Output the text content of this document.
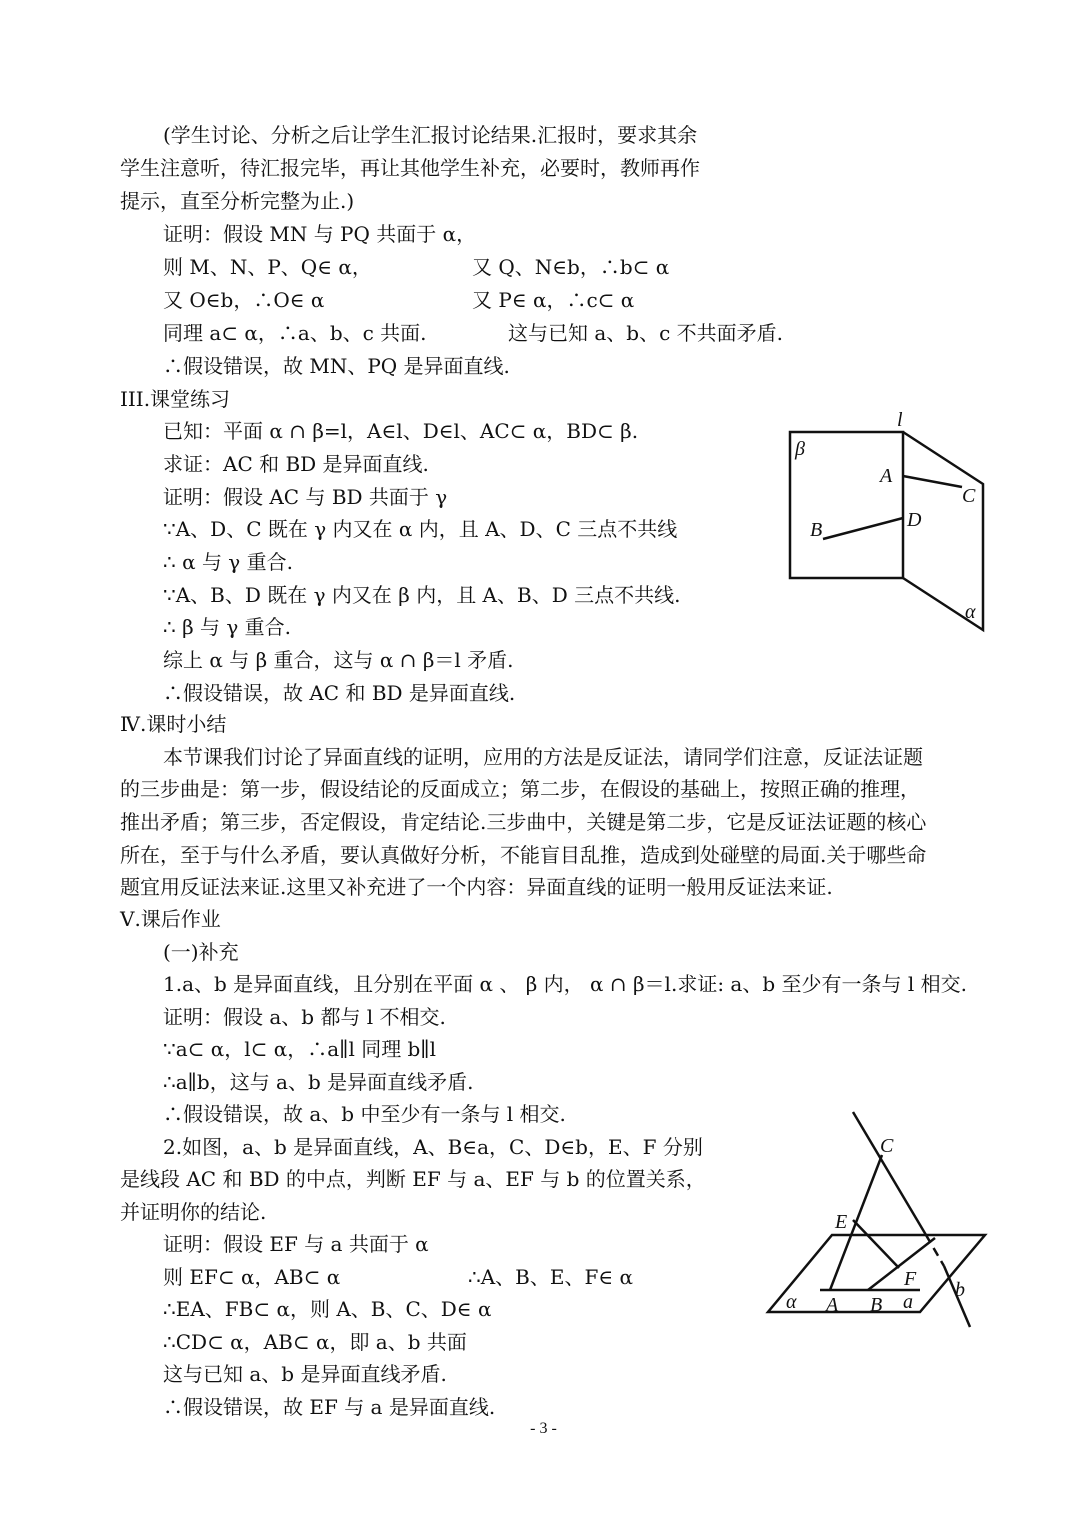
(学生讨论、分析之后让学生汇报讨论结果.汇报时，要求其余
学生注意听，待汇报完毕，再让其他学生补充，必要时，教师再作
提示，直至分析完整为止.)
证明：假设 MN 与 PQ 共面于 α，
则 M、N、P、Q∈ α，	又 Q、N∈b，∴b⊂ α
又 O∈b，∴O∈ α	又 P∈ α，∴c⊂ α
同理 a⊂ α，∴a、b、c 共面.	这与已知 a、b、c 不共面矛盾.
∴假设错误，故 MN、PQ 是异面直线.
III.课堂练习
已知：平面 α ∩ β=l，A∈l、D∈l、AC⊂ α，BD⊂ β.
求证：AC 和 BD 是异面直线.
证明：假设 AC 与 BD 共面于 γ
∵A、D、C 既在 γ 内又在 α 内，且 A、D、C 三点不共线
∴ α 与 γ 重合.
∵A、B、D 既在 γ 内又在 β 内，且 A、B、D 三点不共线.
∴ β 与 γ 重合.
综上 α 与 β 重合，这与 α ∩ β＝l 矛盾.
∴假设错误，故 AC 和 BD 是异面直线.
Ⅳ.课时小结
本节课我们讨论了异面直线的证明，应用的方法是反证法，请同学们注意，反证法证题
的三步曲是：第一步，假设结论的反面成立；第二步，在假设的基础上，按照正确的推理，
推出矛盾；第三步，否定假设，肯定结论.三步曲中，关键是第二步，它是反证法证题的核心
所在，至于与什么矛盾，要认真做好分析，不能盲目乱推，造成到处碰壁的局面.关于哪些命
题宜用反证法来证.这里又补充进了一个内容：异面直线的证明一般用反证法来证.
Ⅴ.课后作业
(一)补充
1.a、b 是异面直线，且分别在平面 α 、 β 内， α ∩ β＝l.求证: a、b 至少有一条与 l 相交.
证明：假设 a、b 都与 l 不相交.
∵a⊂ α，l⊂ α，∴a∥l 同理 b∥l
∴a∥b，这与 a、b 是异面直线矛盾.
∴假设错误，故 a、b 中至少有一条与 l 相交.
2.如图，a、b 是异面直线，A、B∈a，C、D∈b，E、F 分别
是线段 AC 和 BD 的中点，判断 EF 与 a、EF 与 b 的位置关系，
并证明你的结论.
证明：假设 EF 与 a 共面于 α
则 EF⊂ α，AB⊂ α	∴A、B、E、F∈ α
∴EA、FB⊂ α，则 A、B、C、D∈ α
∴CD⊂ α，AB⊂ α，即 a、b 共面
这与已知 a、b 是异面直线矛盾.
∴假设错误，故 EF 与 a 是异面直线.
l
β
A
C
D
B
α
C
E
F b
α A B a
- 3 -
